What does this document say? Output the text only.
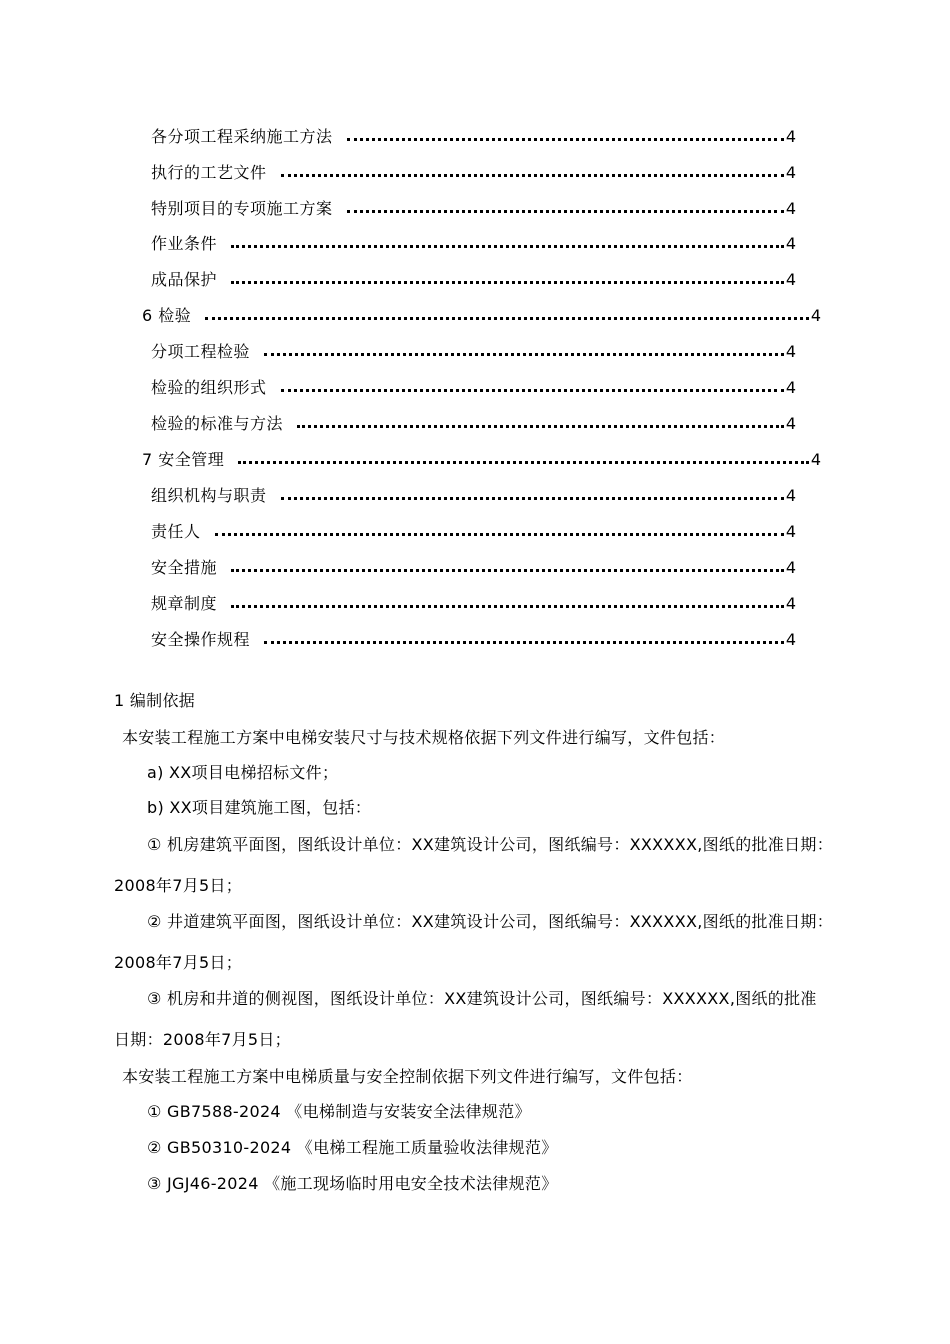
各分项工程采纳施工方法	4
执行的工艺文件	4
特别项目的专项施工方案	4
作业条件	4
成品保护	4
6 检验	4
分项工程检验	4
检验的组织形式	4
检验的标准与方法	4
7 安全管理	4
组织机构与职责	4
责任人	4
安全措施	4
规章制度	4
安全操作规程	4
1 编制依据
本安装工程施工方案中电梯安装尺寸与技术规格依据下列文件进行编写，文件包括：
a) XX项目电梯招标文件；
b) XX项目建筑施工图，包括：
① 机房建筑平面图，图纸设计单位：XX建筑设计公司，图纸编号：XXXXXX,图纸的批准日期：
2008年7月5日；
② 井道建筑平面图，图纸设计单位：XX建筑设计公司，图纸编号：XXXXXX,图纸的批准日期：
2008年7月5日；
③ 机房和井道的侧视图，图纸设计单位：XX建筑设计公司，图纸编号：XXXXXX,图纸的批准
日期：2008年7月5日；
本安装工程施工方案中电梯质量与安全控制依据下列文件进行编写，文件包括：
① GB7588-2024 《电梯制造与安装安全法律规范》
② GB50310-2024 《电梯工程施工质量验收法律规范》
③ JGJ46-2024 《施工现场临时用电安全技术法律规范》
